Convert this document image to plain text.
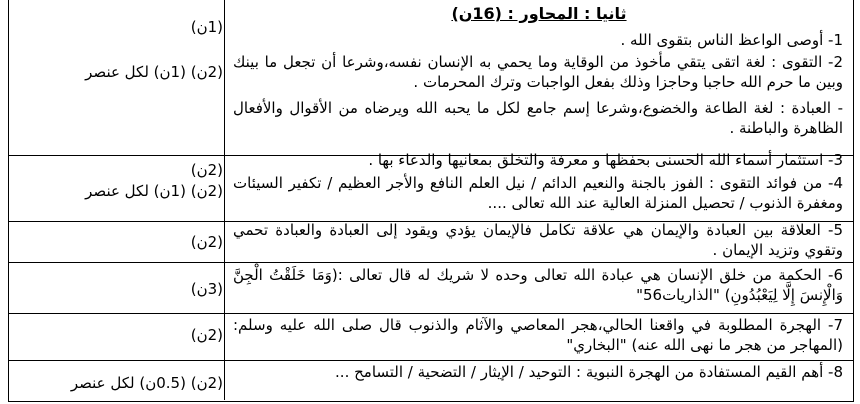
ثانيا : المحاور : (16ن)

1- أوصى الواعظ الناس بتقوى الله .

2- التقوى : لغة اتقى يتقي مأخوذ من الوقاية وما يحمي به الإنسان نفسه،وشرعا أن تجعل ما بينك وبين ما حرم الله حاجبا وحاجزا وذلك بفعل الواجبات وترك المحرمات .

- العبادة : لغة الطاعة والخضوع،وشرعا إسم جامع لكل ما يحبه الله ويرضاه من الأقوال والأفعال الظاهرة والباطنة .

3- استثمار أسماء الله الحسنى بحفظها و معرفة والتخلق بمعانيها والدعاء بها .

4- من فوائد التقوى : الفوز بالجنة والنعيم الدائم / نيل العلم النافع والأجر العظيم / تكفير السيئات ومغفرة الذنوب / تحصيل المنزلة العالية عند الله تعالى ....

5- العلاقة بين العبادة والإيمان هي علاقة تكامل فالإيمان يؤدي ويقود إلى العبادة والعبادة تحمي وتقوي وتزيد الإيمان .

6- الحكمة من خلق الإنسان هي عبادة الله تعالى وحده لا شريك له قال تعالى :(وَمَا خَلَقْتُ الْجِنَّ وَالْإِنسَ إِلَّا لِيَعْبُدُونِ) "الذاريات56"

7- الهجرة المطلوبة في واقعنا الحالي،هجر المعاصي والآثام والذنوب قال صلى الله عليه وسلم: (المهاجر من هجر ما نهى الله عنه) "البخاري"

8- أهم القيم المستفادة من الهجرة النبوية : التوحيد / الإيثار / التضحية / التسامح ...

(1ن)
(2ن) (1ن) لكل عنصر
(2ن)
(2ن) (1ن) لكل عنصر
(2ن)
(3ن)
(2ن)
(2ن) (0.5ن) لكل عنصر
